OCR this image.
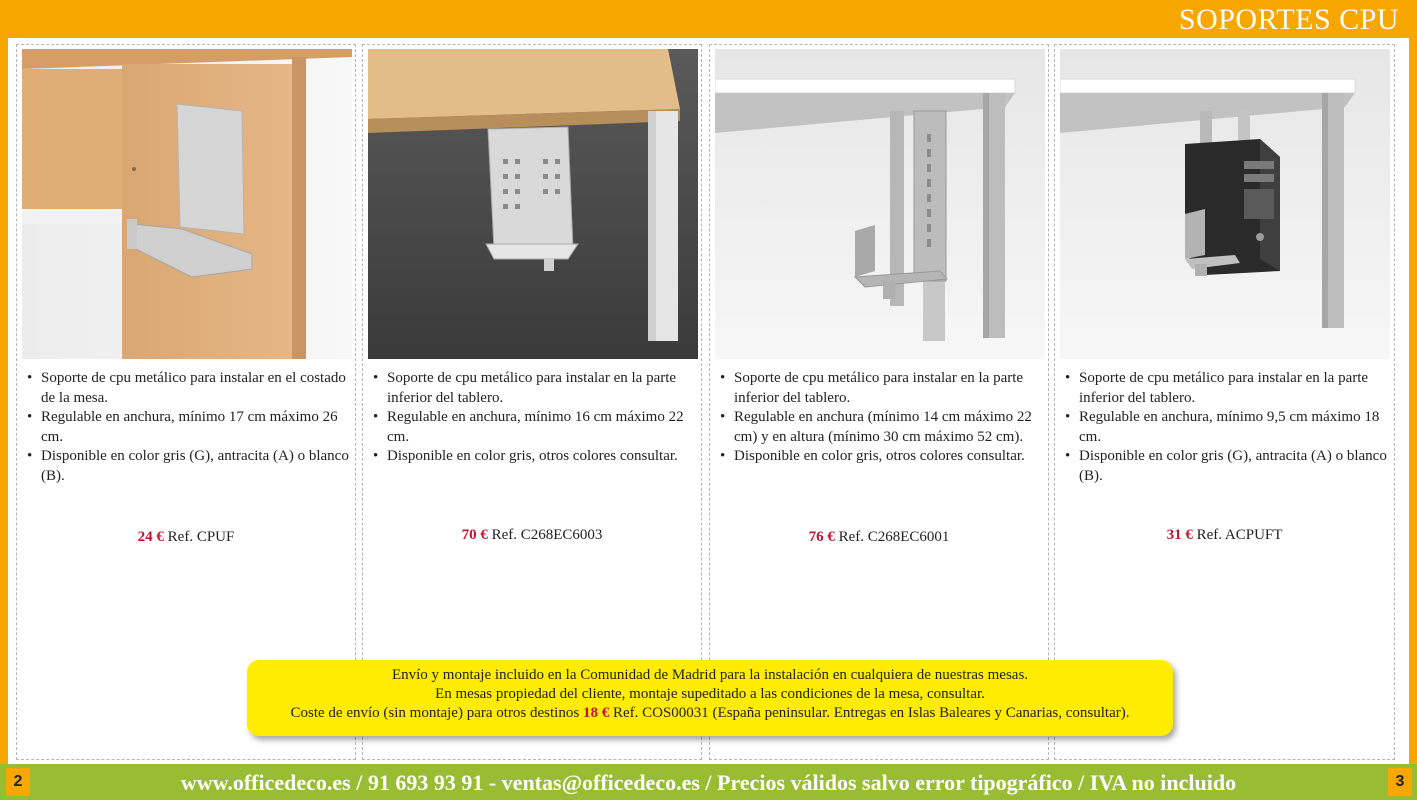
SOPORTES CPU
• Soporte de cpu metálico para instalar en el costado de la mesa.
• Regulable en anchura, mínimo 17 cm máximo 26 cm.
• Disponible en color gris (G), antracita (A) o blanco (B).
24 € Ref. CPUF
• Soporte de cpu metálico para instalar en la parte inferior del tablero.
• Regulable en anchura, mínimo 16 cm máximo 22 cm.
• Disponible en color gris, otros colores consultar.
70 € Ref. C268EC6003
• Soporte de cpu metálico para instalar en la parte inferior del tablero.
• Regulable en anchura (mínimo 14 cm máximo 22 cm) y en altura (mínimo 30 cm máximo 52 cm).
• Disponible en color gris, otros colores consultar.
76 € Ref. C268EC6001
• Soporte de cpu metálico para instalar en la parte inferior del tablero.
• Regulable en anchura, mínimo 9,5 cm máximo 18 cm.
• Disponible en color gris (G), antracita (A) o blanco (B).
31 € Ref. ACPUFT
Envío y montaje incluido en la Comunidad de Madrid para la instalación en cualquiera de nuestras mesas.
En mesas propiedad del cliente, montaje supeditado a las condiciones de la mesa, consultar.
Coste de envío (sin montaje) para otros destinos 18 € Ref. COS00031 (España peninsular. Entregas en Islas Baleares y Canarias, consultar).
www.officedeco.es / 91 693 93 91 - ventas@officedeco.es / Precios válidos salvo error tipográfico / IVA no incluido
2	3
